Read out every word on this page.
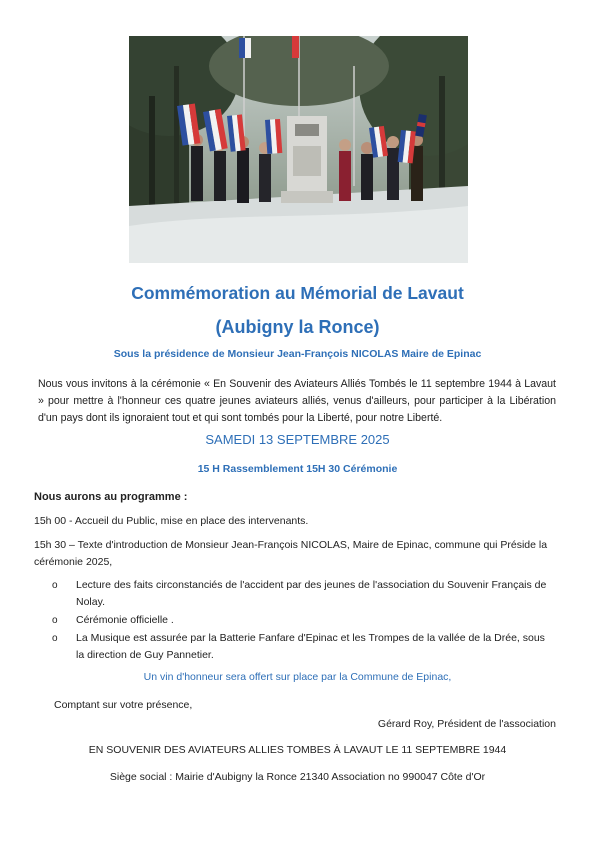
Commémoration au Mémorial de Lavaut
(Aubigny la Ronce)
Sous la présidence de Monsieur Jean-François NICOLAS Maire de Epinac
Nous vous invitons à la cérémonie « En Souvenir des Aviateurs Alliés Tombés le 11 septembre 1944 à Lavaut » pour mettre à l'honneur ces quatre jeunes aviateurs alliés, venus d'ailleurs, pour participer à la Libération d'un pays dont ils ignoraient tout et qui sont tombés pour la Liberté, pour notre Liberté.
SAMEDI 13 SEPTEMBRE 2025
15 H Rassemblement 15H 30 Cérémonie
Nous aurons au programme :
15h 00 - Accueil du Public, mise en place des intervenants.
15h 30 – Texte d'introduction de Monsieur Jean-François NICOLAS, Maire de Epinac, commune qui Préside la cérémonie 2025,
o Lecture des faits circonstanciés de l'accident par des jeunes de l'association du Souvenir Français de Nolay.
o Cérémonie officielle .
o La Musique est assurée par la Batterie Fanfare d'Epinac et les Trompes de la vallée de la Drée, sous la direction de Guy Pannetier.
Un vin d'honneur sera offert sur place par la Commune de Epinac,
Comptant sur votre présence,
Gérard Roy, Président de l'association
EN SOUVENIR DES AVIATEURS ALLIES TOMBES À LAVAUT LE 11 SEPTEMBRE 1944
Siège social : Mairie d'Aubigny la Ronce 21340 Association no 990047 Côte d'Or
